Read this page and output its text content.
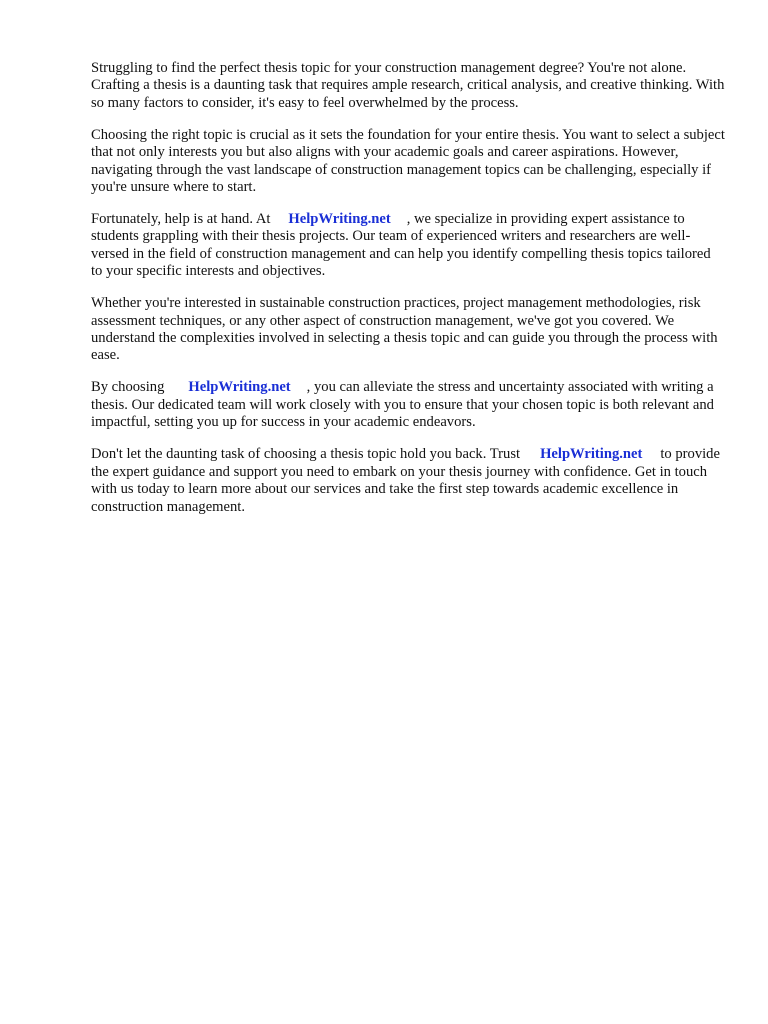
Struggling to find the perfect thesis topic for your construction management degree? You're not alone. Crafting a thesis is a daunting task that requires ample research, critical analysis, and creative thinking. With so many factors to consider, it's easy to feel overwhelmed by the process.

Choosing the right topic is crucial as it sets the foundation for your entire thesis. You want to select a subject that not only interests you but also aligns with your academic goals and career aspirations. However, navigating through the vast landscape of construction management topics can be challenging, especially if you're unsure where to start.

Fortunately, help is at hand. At HelpWriting.net , we specialize in providing expert assistance to students grappling with their thesis projects. Our team of experienced writers and researchers are well-versed in the field of construction management and can help you identify compelling thesis topics tailored to your specific interests and objectives.

Whether you're interested in sustainable construction practices, project management methodologies, risk assessment techniques, or any other aspect of construction management, we've got you covered. We understand the complexities involved in selecting a thesis topic and can guide you through the process with ease.

By choosing HelpWriting.net , you can alleviate the stress and uncertainty associated with writing a thesis. Our dedicated team will work closely with you to ensure that your chosen topic is both relevant and impactful, setting you up for success in your academic endeavors.

Don't let the daunting task of choosing a thesis topic hold you back. Trust HelpWriting.net to provide the expert guidance and support you need to embark on your thesis journey with confidence. Get in touch with us today to learn more about our services and take the first step towards academic excellence in construction management.
